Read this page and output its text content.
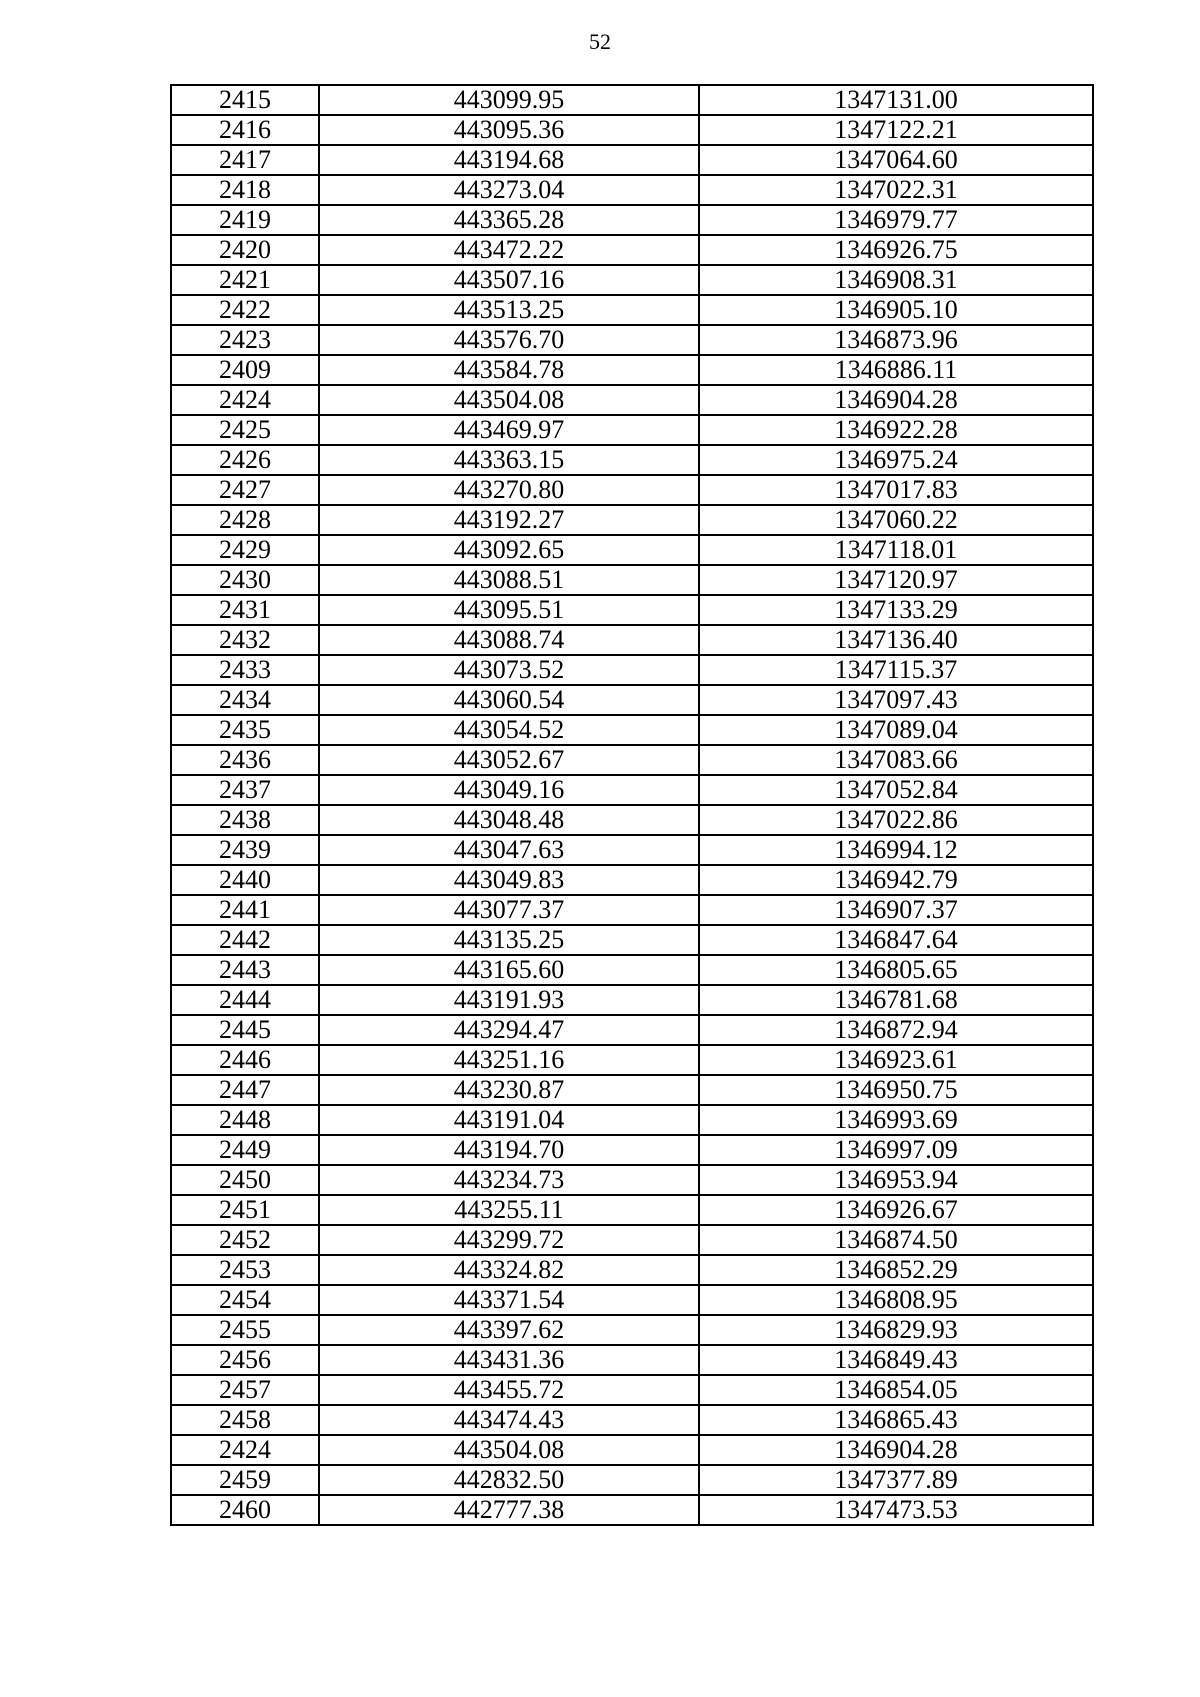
52
2415	443099.95	1347131.00
2416	443095.36	1347122.21
2417	443194.68	1347064.60
2418	443273.04	1347022.31
2419	443365.28	1346979.77
2420	443472.22	1346926.75
2421	443507.16	1346908.31
2422	443513.25	1346905.10
2423	443576.70	1346873.96
2409	443584.78	1346886.11
2424	443504.08	1346904.28
2425	443469.97	1346922.28
2426	443363.15	1346975.24
2427	443270.80	1347017.83
2428	443192.27	1347060.22
2429	443092.65	1347118.01
2430	443088.51	1347120.97
2431	443095.51	1347133.29
2432	443088.74	1347136.40
2433	443073.52	1347115.37
2434	443060.54	1347097.43
2435	443054.52	1347089.04
2436	443052.67	1347083.66
2437	443049.16	1347052.84
2438	443048.48	1347022.86
2439	443047.63	1346994.12
2440	443049.83	1346942.79
2441	443077.37	1346907.37
2442	443135.25	1346847.64
2443	443165.60	1346805.65
2444	443191.93	1346781.68
2445	443294.47	1346872.94
2446	443251.16	1346923.61
2447	443230.87	1346950.75
2448	443191.04	1346993.69
2449	443194.70	1346997.09
2450	443234.73	1346953.94
2451	443255.11	1346926.67
2452	443299.72	1346874.50
2453	443324.82	1346852.29
2454	443371.54	1346808.95
2455	443397.62	1346829.93
2456	443431.36	1346849.43
2457	443455.72	1346854.05
2458	443474.43	1346865.43
2424	443504.08	1346904.28
2459	442832.50	1347377.89
2460	442777.38	1347473.53
